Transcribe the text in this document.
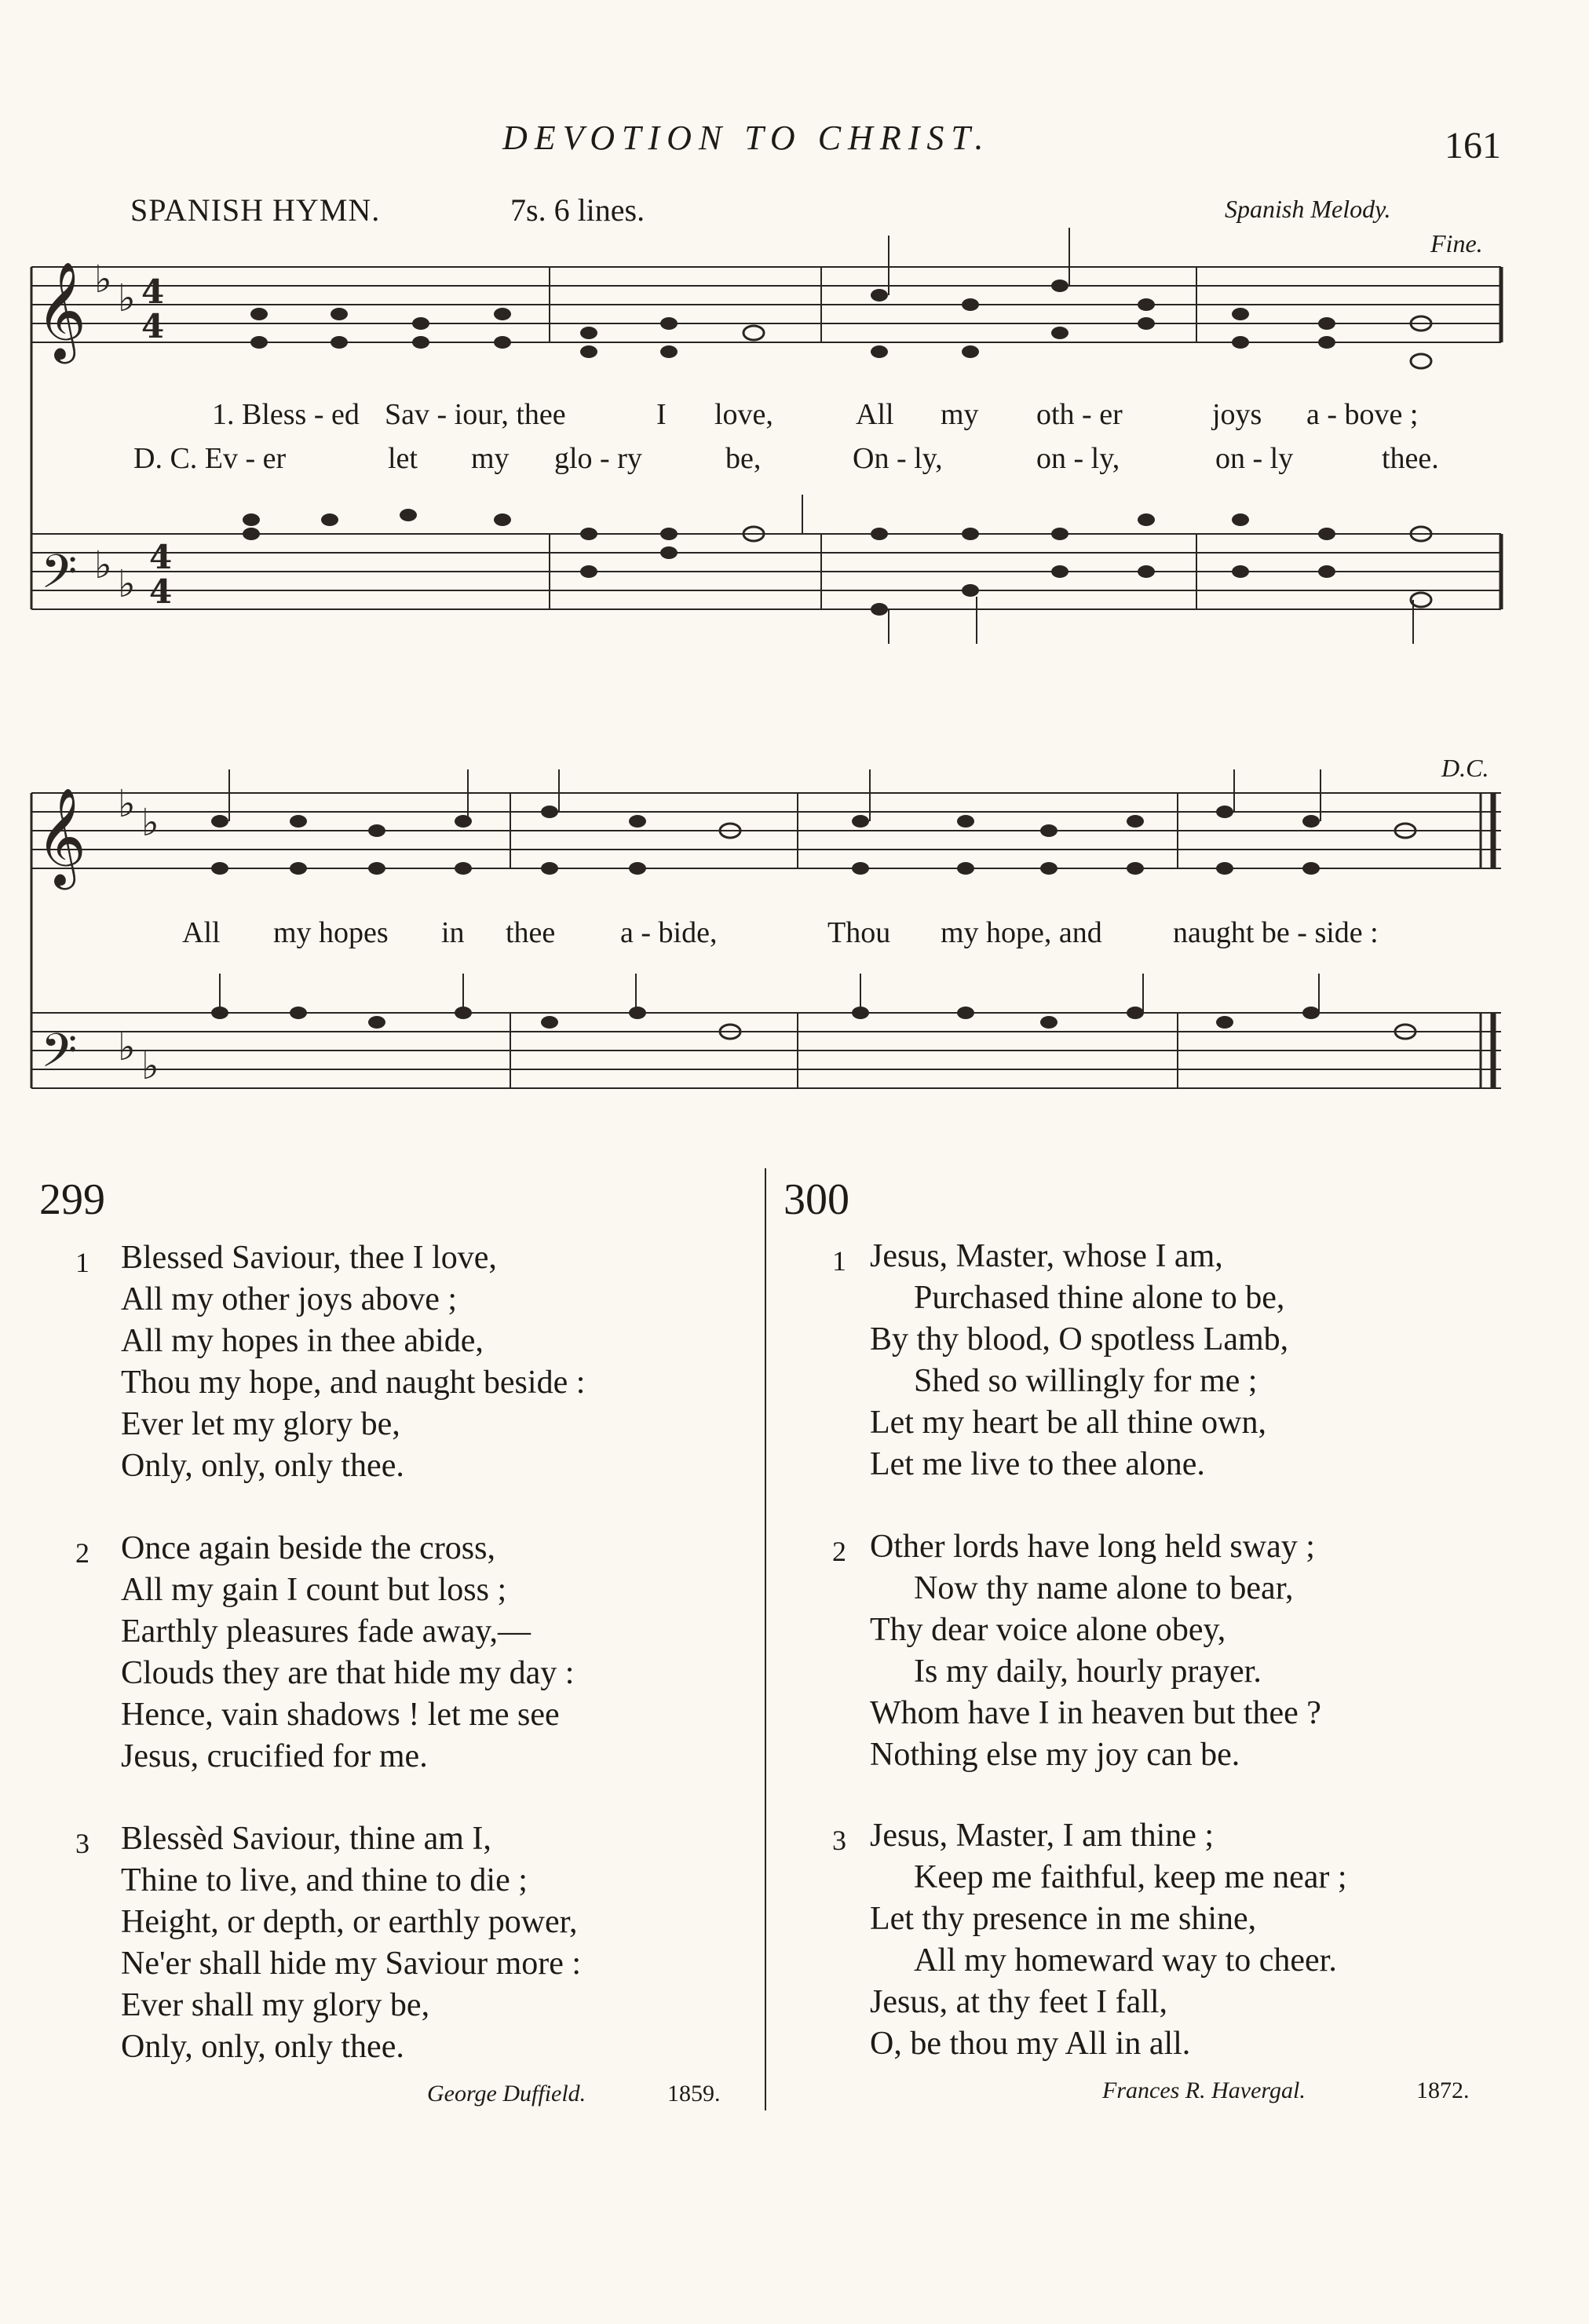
DEVOTION TO CHRIST.	161
SPANISH HYMN.	7s. 6 lines.	Spanish Melody.
Fine.
D.C.
𝄞
𝄢
𝄞
𝄢
♭ ♭ 4
4
♭ ♭
4
4
♭ ♭
♭ ♭
1. Bless - ed Sav - iour, thee	I love,	All my oth - er	joys a - bove ;
D. C. Ev - er	let my glo - ry	be,	On - ly,	on - ly,	on - ly	thee.
All my hopes in thee a - bide,	Thou my hope, and naught be - side :
299
1 Blessed Saviour, thee I love,
All my other joys above ;
All my hopes in thee abide,
Thou my hope, and naught beside :
Ever let my glory be,
Only, only, only thee.
2 Once again beside the cross,
All my gain I count but loss ;
Earthly pleasures fade away,—
Clouds they are that hide my day :
Hence, vain shadows ! let me see
Jesus, crucified for me.
3 Blessèd Saviour, thine am I,
Thine to live, and thine to die ;
Height, or depth, or earthly power,
Ne'er shall hide my Saviour more :
Ever shall my glory be,
Only, only, only thee.
George Duffield.	1859.
300
1 Jesus, Master, whose I am,
Purchased thine alone to be,
By thy blood, O spotless Lamb,
Shed so willingly for me ;
Let my heart be all thine own,
Let me live to thee alone.
2 Other lords have long held sway ;
Now thy name alone to bear,
Thy dear voice alone obey,
Is my daily, hourly prayer.
Whom have I in heaven but thee ?
Nothing else my joy can be.
3 Jesus, Master, I am thine ;
Keep me faithful, keep me near ;
Let thy presence in me shine,
All my homeward way to cheer.
Jesus, at thy feet I fall,
O, be thou my All in all.
Frances R. Havergal.	1872.
